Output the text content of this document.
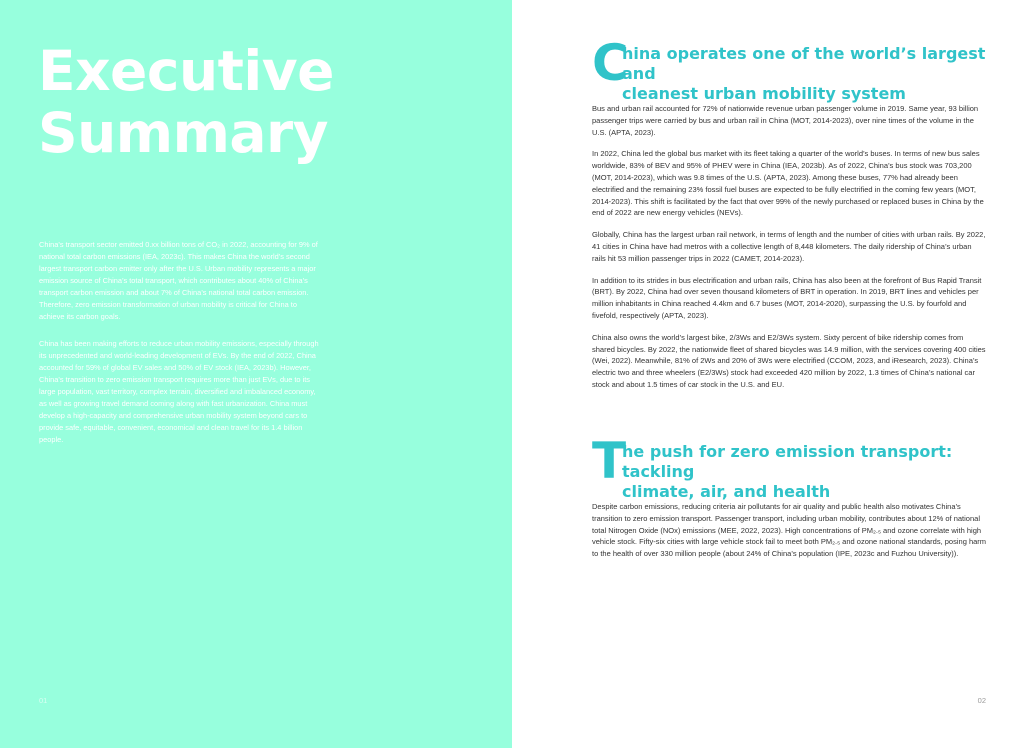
Executive
Summary

China’s transport sector emitted 0.xx billion tons of CO₂ in 2022, accounting for 9% of national total carbon emissions (IEA, 2023c). This makes China the world’s second largest transport carbon emitter only after the U.S. Urban mobility represents a major emission source of China’s total transport, which contributes about 40% of China’s transport carbon emission and about 7% of China’s national total carbon emission. Therefore, zero emission transformation of urban mobility is critical for China to achieve its carbon goals.

China has been making efforts to reduce urban mobility emissions, especially through its unprecedented and world-leading development of EVs. By the end of 2022, China accounted for 59% of global EV sales and 50% of EV stock (IEA, 2023b). However, China’s transition to zero emission transport requires more than just EVs, due to its large population, vast territory, complex terrain, diversified and imbalanced economy, as well as growing travel demand coming along with fast urbanization. China must develop a high-capacity and comprehensive urban mobility system beyond cars to provide safe, equitable, convenient, economical and clean travel for its 1.4 billion people.

01
C
hina operates one of the world’s largest and
cleanest urban mobility system

Bus and urban rail accounted for 72% of nationwide revenue urban passenger volume in 2019. Same year, 93 billion passenger trips were carried by bus and urban rail in China (MOT, 2014-2023), over nine times of the volume in the U.S. (APTA, 2023).

In 2022, China led the global bus market with its fleet taking a quarter of the world’s buses. In terms of new bus sales worldwide, 83% of BEV and 95% of PHEV were in China (IEA, 2023b). As of 2022, China’s bus stock was 703,200 (MOT, 2014-2023), which was 9.8 times of the U.S. (APTA, 2023). Among these buses, 77% had already been electrified and the remaining 23% fossil fuel buses are expected to be fully electrified in the coming few years (MOT, 2014-2023). This shift is facilitated by the fact that over 99% of the newly purchased or replaced buses in China by the end of 2022 are new energy vehicles (NEVs).

Globally, China has the largest urban rail network, in terms of length and the number of cities with urban rails. By 2022, 41 cities in China have had metros with a collective length of 8,448 kilometers. The daily ridership of China’s urban rails hit 53 million passenger trips in 2022 (CAMET, 2014-2023).

In addition to its strides in bus electrification and urban rails, China has also been at the forefront of Bus Rapid Transit (BRT). By 2022, China had over seven thousand kilometers of BRT in operation. In 2019, BRT lines and vehicles per million inhabitants in China reached 4.4km and 6.7 buses (MOT, 2014-2020), surpassing the U.S. by fourfold and fivefold, respectively (APTA, 2023).

China also owns the world’s largest bike, 2/3Ws and E2/3Ws system. Sixty percent of bike ridership comes from shared bicycles. By 2022, the nationwide fleet of shared bicycles was 14.9 million, with the services covering 400 cities (Wei, 2022). Meanwhile, 81% of 2Ws and 20% of 3Ws were electrified (CCOM, 2023, and iResearch, 2023). China’s electric two and three wheelers (E2/3Ws) stock had exceeded 420 million by 2022, 1.3 times of China’s national car stock and about 1.5 times of car stock in the U.S. and EU.

T
he push for zero emission transport: tackling
climate, air, and health

Despite carbon emissions, reducing criteria air pollutants for air quality and public health also motivates China’s transition to zero emission transport. Passenger transport, including urban mobility, contributes about 12% of national total Nitrogen Oxide (NOx) emissions (MEE, 2022, 2023). High concentrations of PM₂.₅ and ozone correlate with high vehicle stock. Fifty-six cities with large vehicle stock fail to meet both PM₂.₅ and ozone national standards, posing harm to the health of over 330 million people (about 24% of China’s population (IPE, 2023c and Fuzhou University)).

02
